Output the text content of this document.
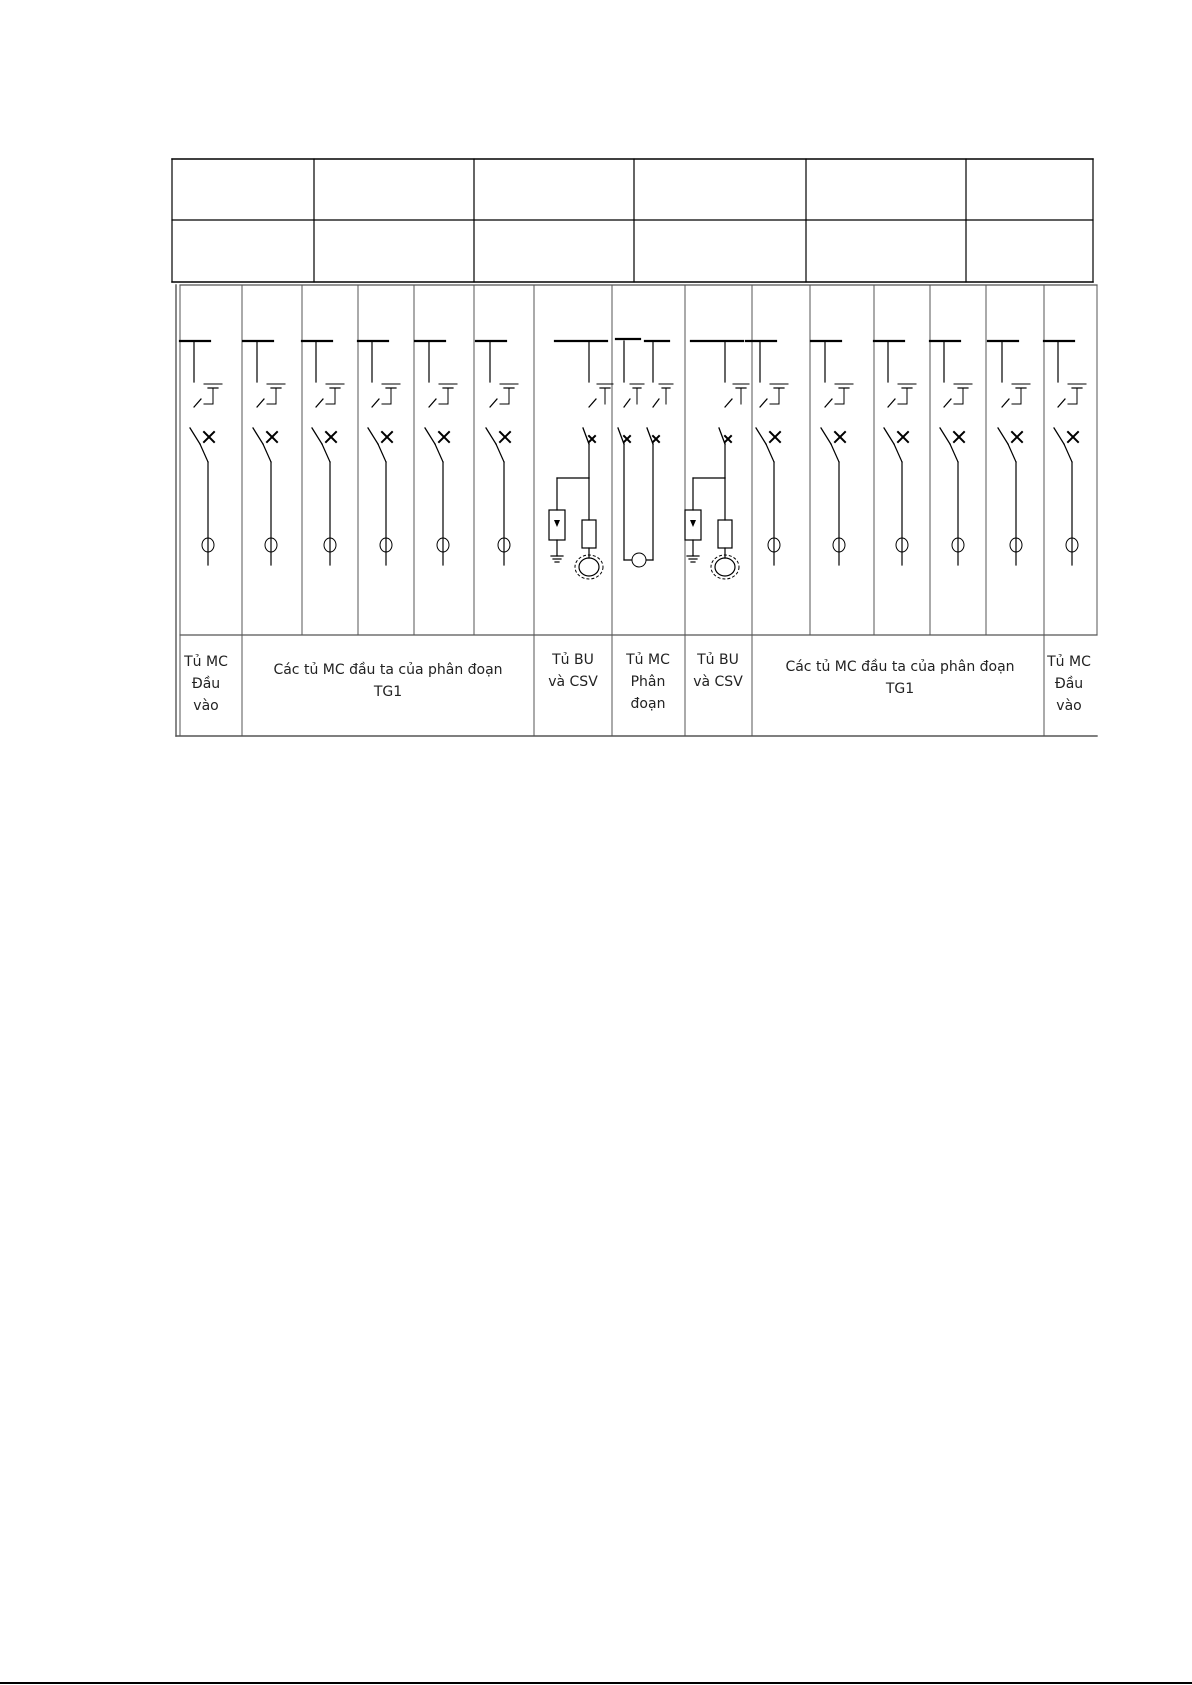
Tủ MC
Đầu
vào
Các tủ MC đầu ta của phân đoạn
TG1
Tủ BU
và CSV
Tủ MC
Phân
đoạn
Tủ BU
và CSV
Các tủ MC đầu ta của phân đoạn
TG1
Tủ MC
Đầu
vào
